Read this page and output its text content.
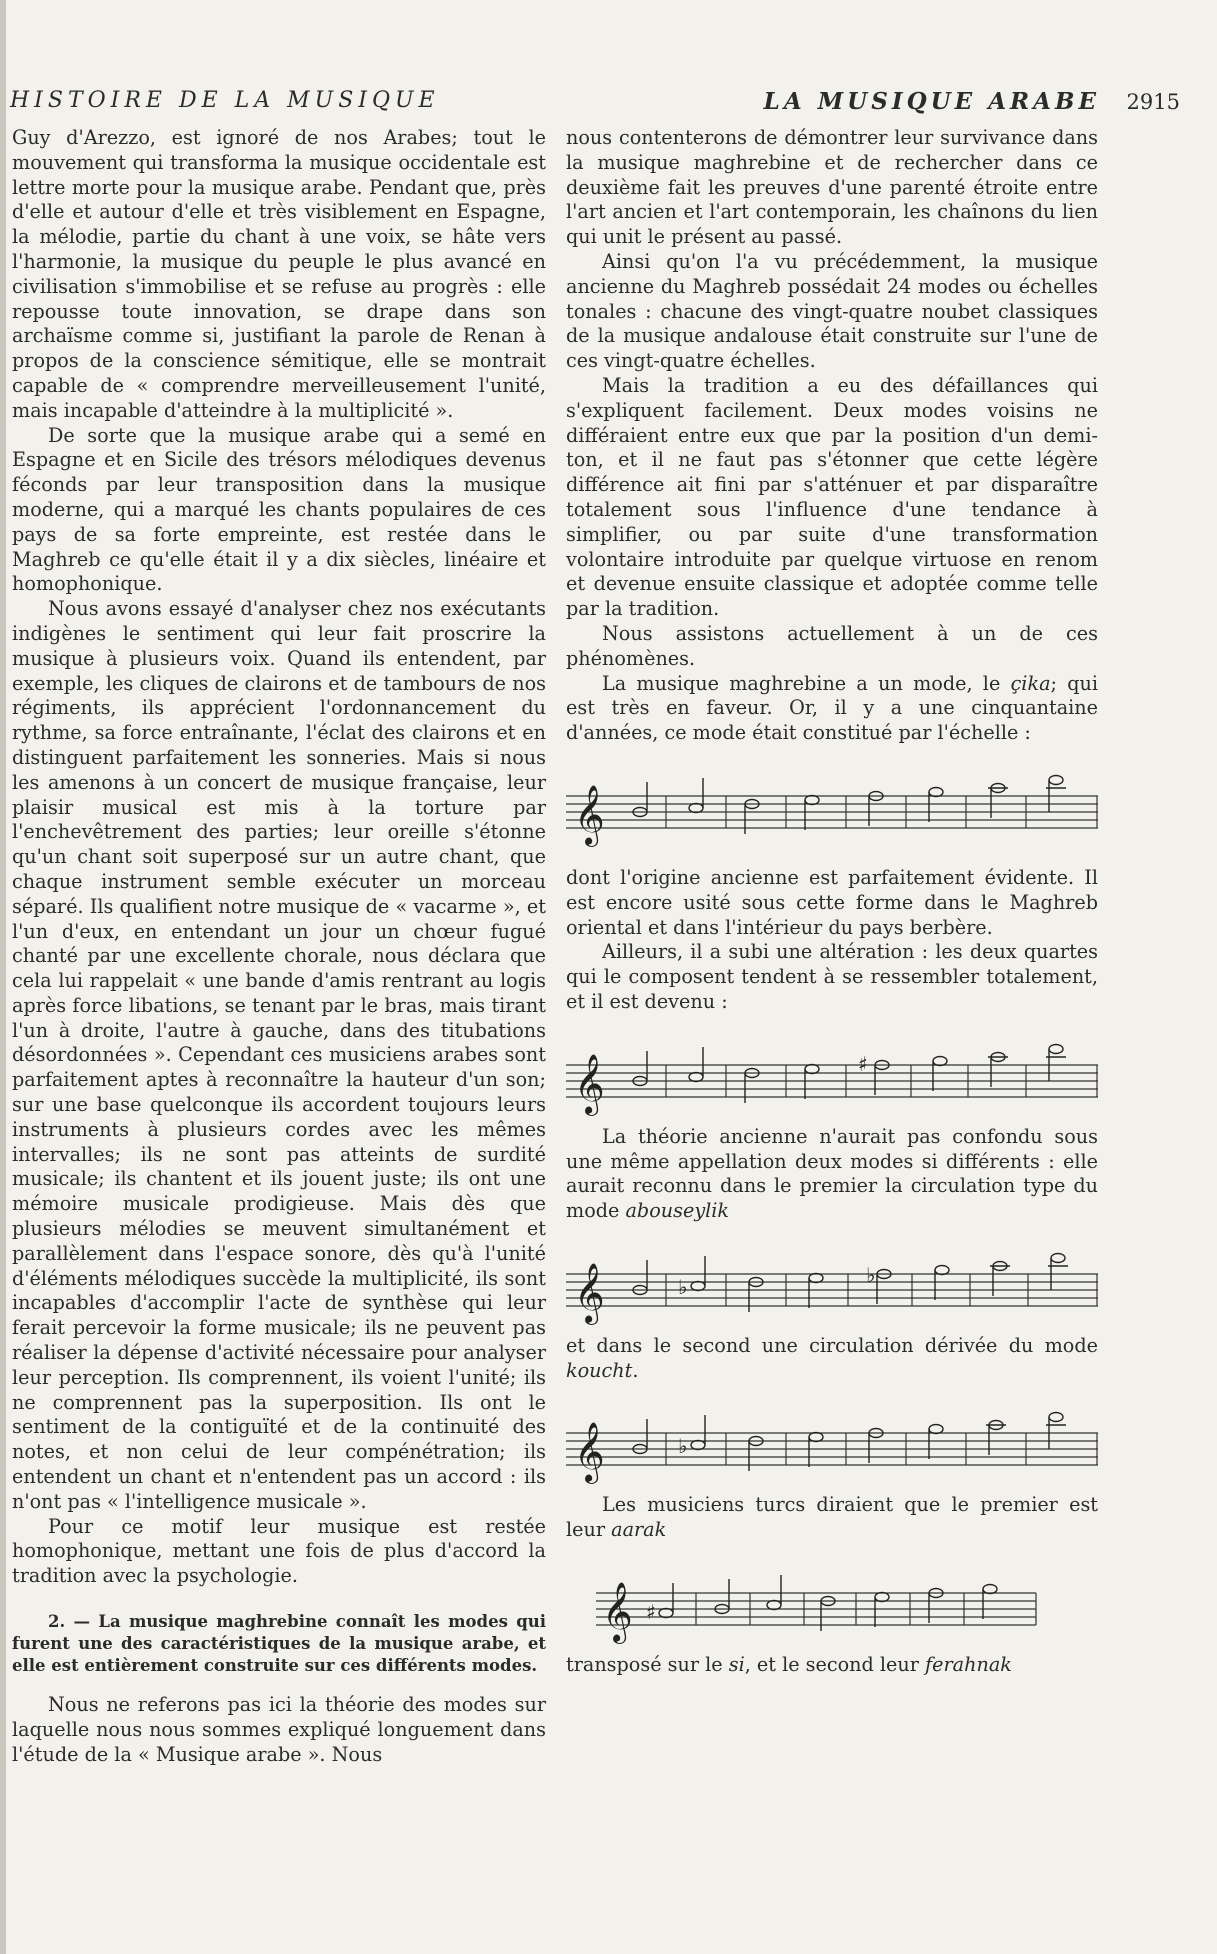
HISTOIRE DE LA MUSIQUE	LA MUSIQUE ARABE 2915

Guy d'Arezzo, est ignoré de nos Arabes; tout le mouvement qui transforma la musique occidentale est lettre morte pour la musique arabe. Pendant que, près d'elle et autour d'elle et très visiblement en Espagne, la mélodie, partie du chant à une voix, se hâte vers l'harmonie, la musique du peuple le plus avancé en civilisation s'immobilise et se refuse au progrès : elle repousse toute innovation, se drape dans son archaïsme comme si, justifiant la parole de Renan à propos de la conscience sémitique, elle se montrait capable de « comprendre merveilleusement l'unité, mais incapable d'atteindre à la multiplicité ».

De sorte que la musique arabe qui a semé en Espagne et en Sicile des trésors mélodiques devenus féconds par leur transposition dans la musique moderne, qui a marqué les chants populaires de ces pays de sa forte empreinte, est restée dans le Maghreb ce qu'elle était il y a dix siècles, linéaire et homophonique.

Nous avons essayé d'analyser chez nos exécutants indigènes le sentiment qui leur fait proscrire la musique à plusieurs voix. Quand ils entendent, par exemple, les cliques de clairons et de tambours de nos régiments, ils apprécient l'ordonnancement du rythme, sa force entraînante, l'éclat des clairons et en distinguent parfaitement les sonneries. Mais si nous les amenons à un concert de musique française, leur plaisir musical est mis à la torture par l'enchevêtrement des parties; leur oreille s'étonne qu'un chant soit superposé sur un autre chant, que chaque instrument semble exécuter un morceau séparé. Ils qualifient notre musique de « vacarme », et l'un d'eux, en entendant un jour un chœur fugué chanté par une excellente chorale, nous déclara que cela lui rappelait « une bande d'amis rentrant au logis après force libations, se tenant par le bras, mais tirant l'un à droite, l'autre à gauche, dans des titubations désordonnées ». Cependant ces musiciens arabes sont parfaitement aptes à reconnaître la hauteur d'un son; sur une base quelconque ils accordent toujours leurs instruments à plusieurs cordes avec les mêmes intervalles; ils ne sont pas atteints de surdité musicale; ils chantent et ils jouent juste; ils ont une mémoire musicale prodigieuse. Mais dès que plusieurs mélodies se meuvent simultanément et parallèlement dans l'espace sonore, dès qu'à l'unité d'éléments mélodiques succède la multiplicité, ils sont incapables d'accomplir l'acte de synthèse qui leur ferait percevoir la forme musicale; ils ne peuvent pas réaliser la dépense d'activité nécessaire pour analyser leur perception. Ils comprennent, ils voient l'unité; ils ne comprennent pas la superposition. Ils ont le sentiment de la contiguïté et de la continuité des notes, et non celui de leur compénétration; ils entendent un chant et n'entendent pas un accord : ils n'ont pas « l'intelligence musicale ».

Pour ce motif leur musique est restée homophonique, mettant une fois de plus d'accord la tradition avec la psychologie.

2. — La musique maghrebine connaît les modes qui furent une des caractéristiques de la musique arabe, et elle est entièrement construite sur ces différents modes.

Nous ne referons pas ici la théorie des modes sur laquelle nous nous sommes expliqué longuement dans l'étude de la « Musique arabe ». Nous

nous contenterons de démontrer leur survivance dans la musique maghrebine et de rechercher dans ce deuxième fait les preuves d'une parenté étroite entre l'art ancien et l'art contemporain, les chaînons du lien qui unit le présent au passé.

Ainsi qu'on l'a vu précédemment, la musique ancienne du Maghreb possédait 24 modes ou échelles tonales : chacune des vingt-quatre noubet classiques de la musique andalouse était construite sur l'une de ces vingt-quatre échelles.

Mais la tradition a eu des défaillances qui s'expliquent facilement. Deux modes voisins ne différaient entre eux que par la position d'un demi-ton, et il ne faut pas s'étonner que cette légère différence ait fini par s'atténuer et par disparaître totalement sous l'influence d'une tendance à simplifier, ou par suite d'une transformation volontaire introduite par quelque virtuose en renom et devenue ensuite classique et adoptée comme telle par la tradition.

Nous assistons actuellement à un de ces phénomènes.

La musique maghrebine a un mode, le çika; qui est très en faveur. Or, il y a une cinquantaine d'années, ce mode était constitué par l'échelle :

𝄞

dont l'origine ancienne est parfaitement évidente. Il est encore usité sous cette forme dans le Maghreb oriental et dans l'intérieur du pays berbère.

Ailleurs, il a subi une altération : les deux quartes qui le composent tendent à se ressembler totalement, et il est devenu :

𝄞	♯

La théorie ancienne n'aurait pas confondu sous une même appellation deux modes si différents : elle aurait reconnu dans le premier la circulation type du mode abouseylik

𝄞	♭	♭

et dans le second une circulation dérivée du mode koucht.

𝄞	♭

Les musiciens turcs diraient que le premier est leur aarak

𝄞 ♯

transposé sur le si, et le second leur ferahnak
